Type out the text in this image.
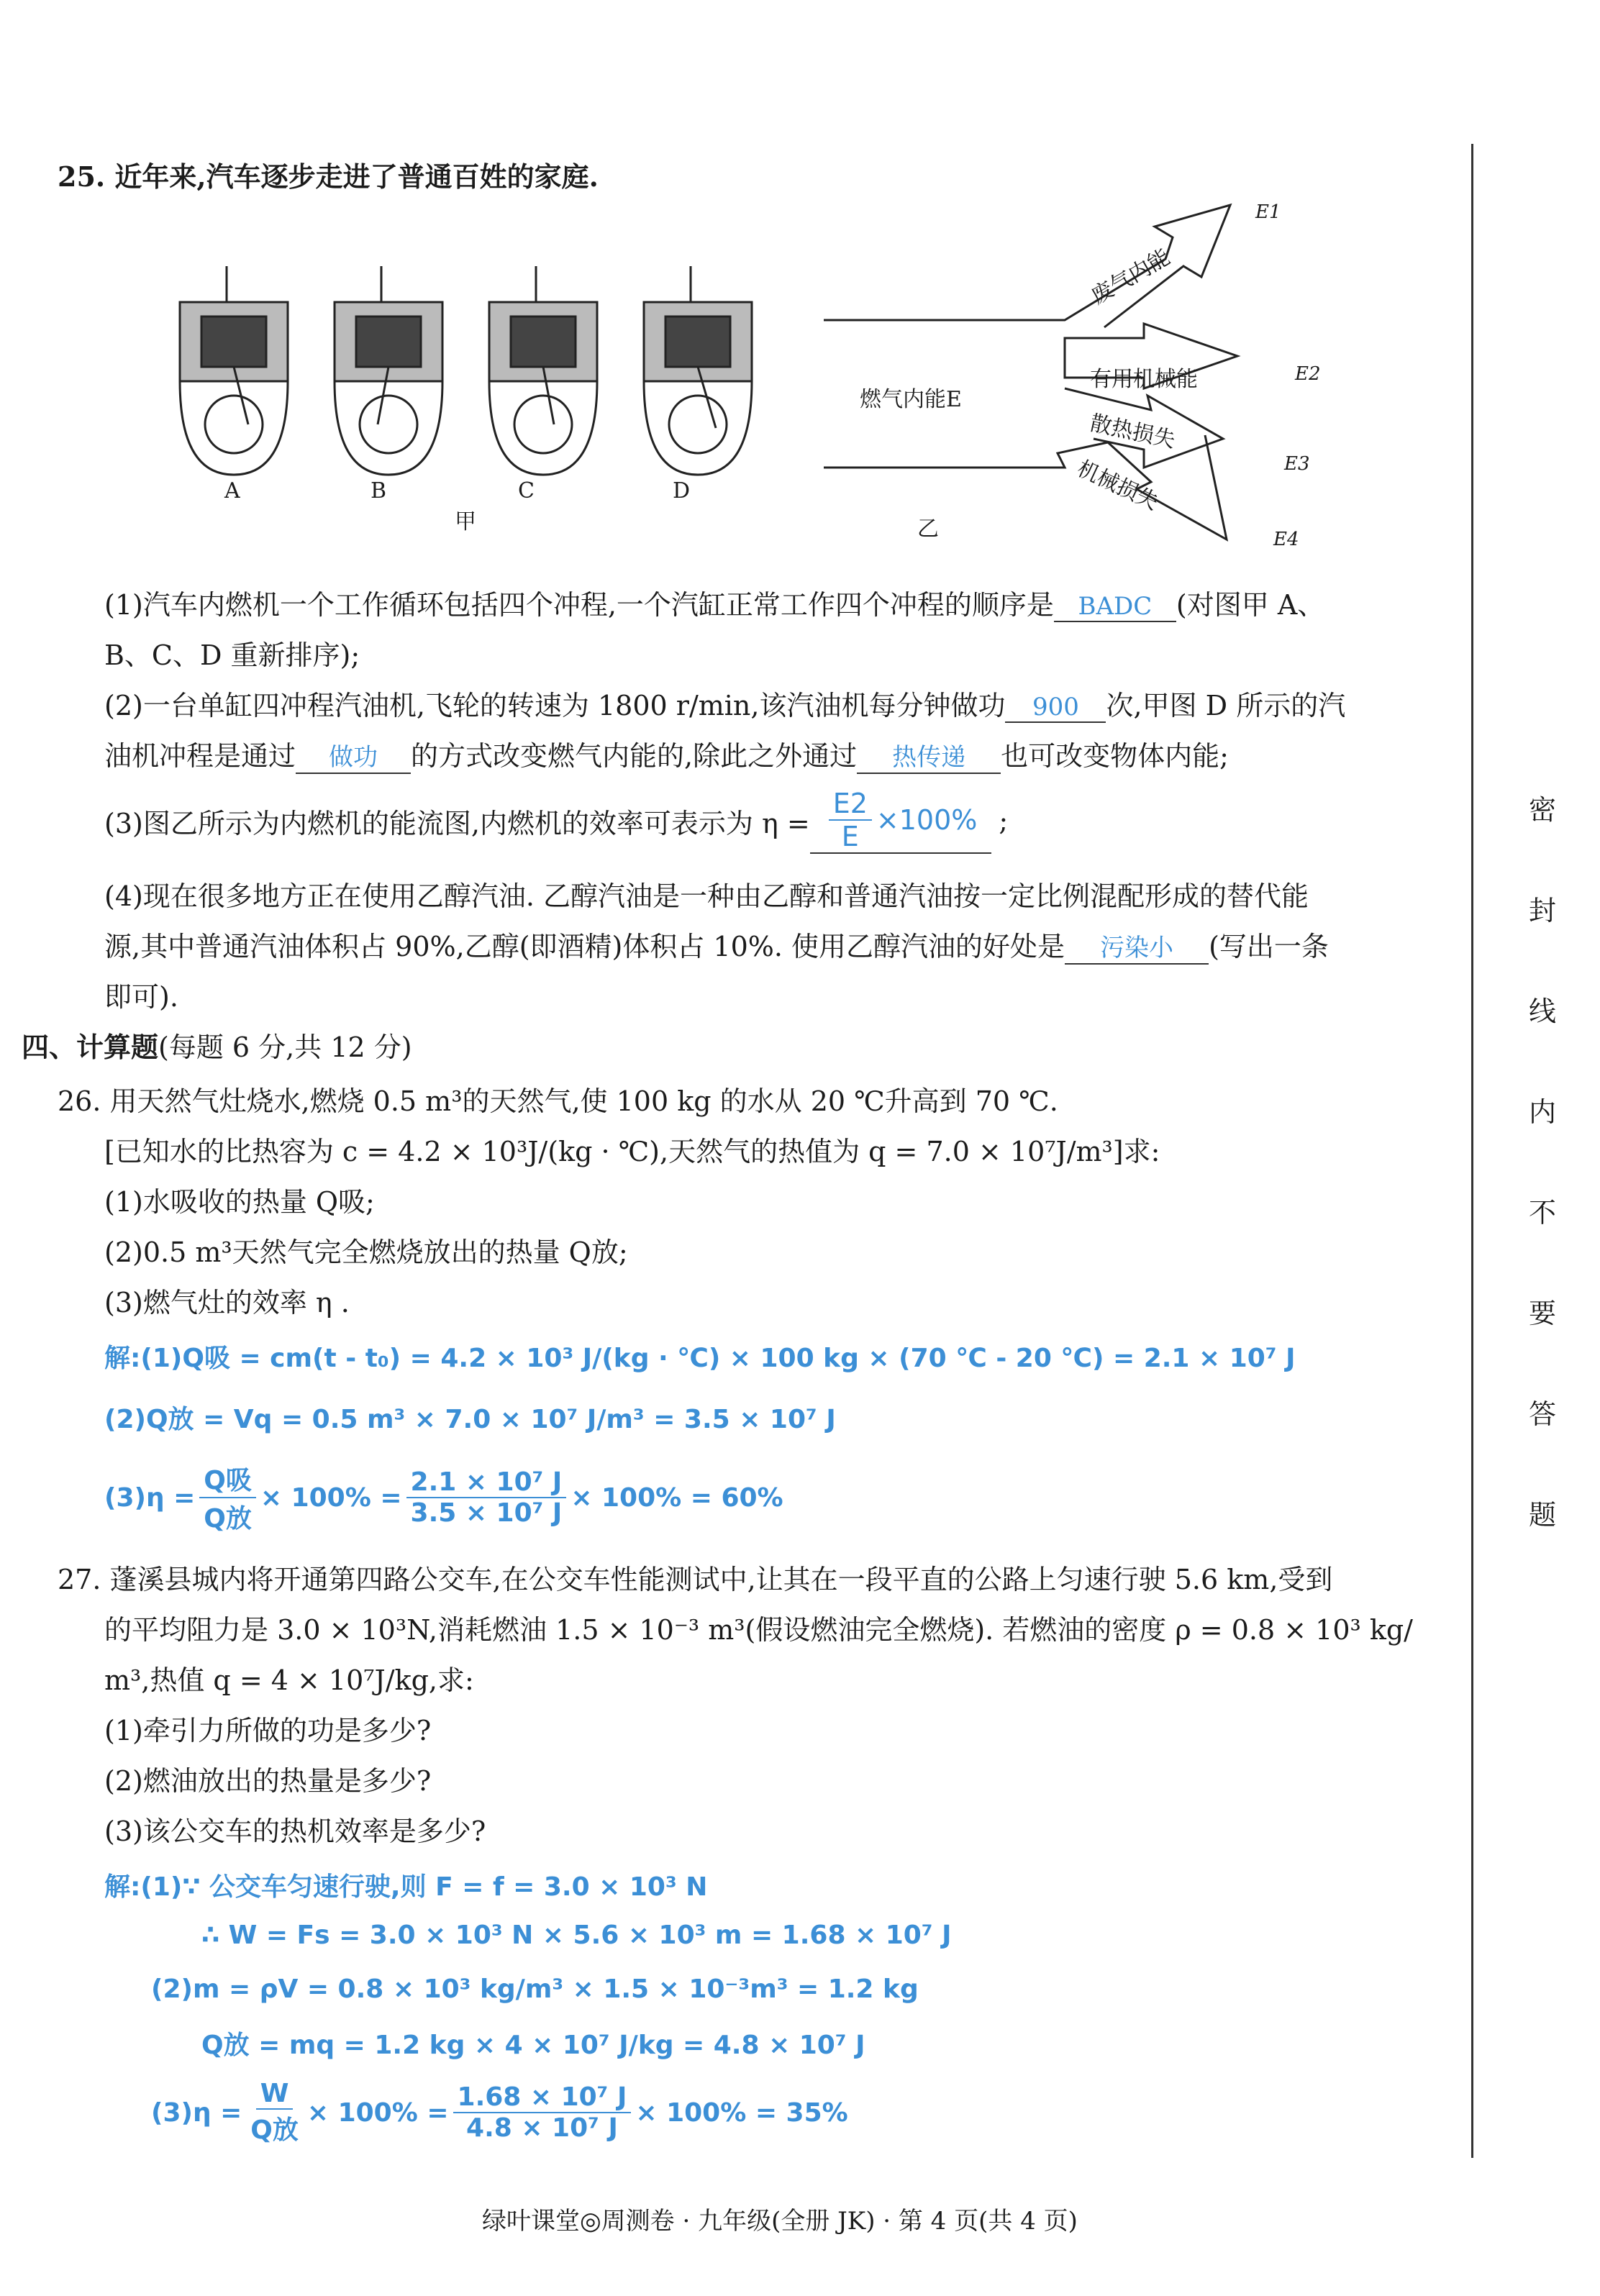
25. 近年来,汽车逐步走进了普通百姓的家庭.
A	B	C	D
甲
燃气内能E
废气内能
有用机械能
散热损失
机械损失
E1
E2
E3
E4
乙
(1)汽车内燃机一个工作循环包括四个冲程,一个汽缸正常工作四个冲程的顺序是 BADC (对图甲 A、
B、C、D 重新排序);
(2)一台单缸四冲程汽油机,飞轮的转速为 1800 r/min,该汽油机每分钟做功 900 次,甲图 D 所示的汽
油机冲程是通过 做功 的方式改变燃气内能的,除此之外通过 热传递 也可改变物体内能;
(3)图乙所示为内燃机的能流图,内燃机的效率可表示为 $\eta = \frac{E2}{E} \times 100\%$ ;
(4)现在很多地方正在使用乙醇汽油. 乙醇汽油是一种由乙醇和普通汽油按一定比例混配形成的替代能
源,其中普通汽油体积占 90%,乙醇(即酒精)体积占 10%. 使用乙醇汽油的好处是 污染小 (写出一条
即可).
四、计算题(每题 6 分,共 12 分)
26. 用天然气灶烧水,燃烧 0.5 m³的天然气,使 100 kg 的水从 20 ℃升高到 70 ℃.
[已知水的比热容为 c = 4.2 × 10³J/(kg · ℃),天然气的热值为 q = 7.0 × 10⁷J/m³]求:
(1)水吸收的热量 Q吸;
(2)0.5 m³天然气完全燃烧放出的热量 Q放;
(3)燃气灶的效率 η .
解:(1)Q吸 = cm(t - t₀) = 4.2 × 10³ J/(kg · ℃) × 100 kg × (70 ℃ - 20 ℃) = 2.1 × 10⁷ J
(2)Q放 = Vq = 0.5 m³ × 7.0 × 10⁷ J/m³ = 3.5 × 10⁷ J
$(3)\eta = \frac{\text{Q吸}}{\text{Q放}} \times 100\% = \frac{\text{2.1 × 10⁷ J}}{\text{3.5 × 10⁷ J}} \times 100\% = 60\%$
27. 蓬溪县城内将开通第四路公交车,在公交车性能测试中,让其在一段平直的公路上匀速行驶 5.6 km,受到
的平均阻力是 3.0 × 10³N,消耗燃油 1.5 × 10⁻³ m³(假设燃油完全燃烧). 若燃油的密度 ρ = 0.8 × 10³ kg/
m³,热值 q = 4 × 10⁷J/kg,求:
(1)牵引力所做的功是多少?
(2)燃油放出的热量是多少?
(3)该公交车的热机效率是多少?
解:(1)∵ 公交车匀速行驶,则 F = f = 3.0 × 10³ N
∴ W = Fs = 3.0 × 10³ N × 5.6 × 10³ m = 1.68 × 10⁷ J
(2)m = ρV = 0.8 × 10³ kg/m³ × 1.5 × 10⁻³m³ = 1.2 kg
Q放 = mq = 1.2 kg × 4 × 10⁷ J/kg = 4.8 × 10⁷ J
$(3)\eta = \frac{W}{\text{Q放}} \times 100\% = \frac{\text{1.68 × 10⁷ J}}{\text{4.8 × 10⁷ J}} \times 100\% = 35\%$
密
封
线
内
不
要
答
题
绿叶课堂◎周测卷 · 九年级(全册 JK) · 第 4 页(共 4 页)
